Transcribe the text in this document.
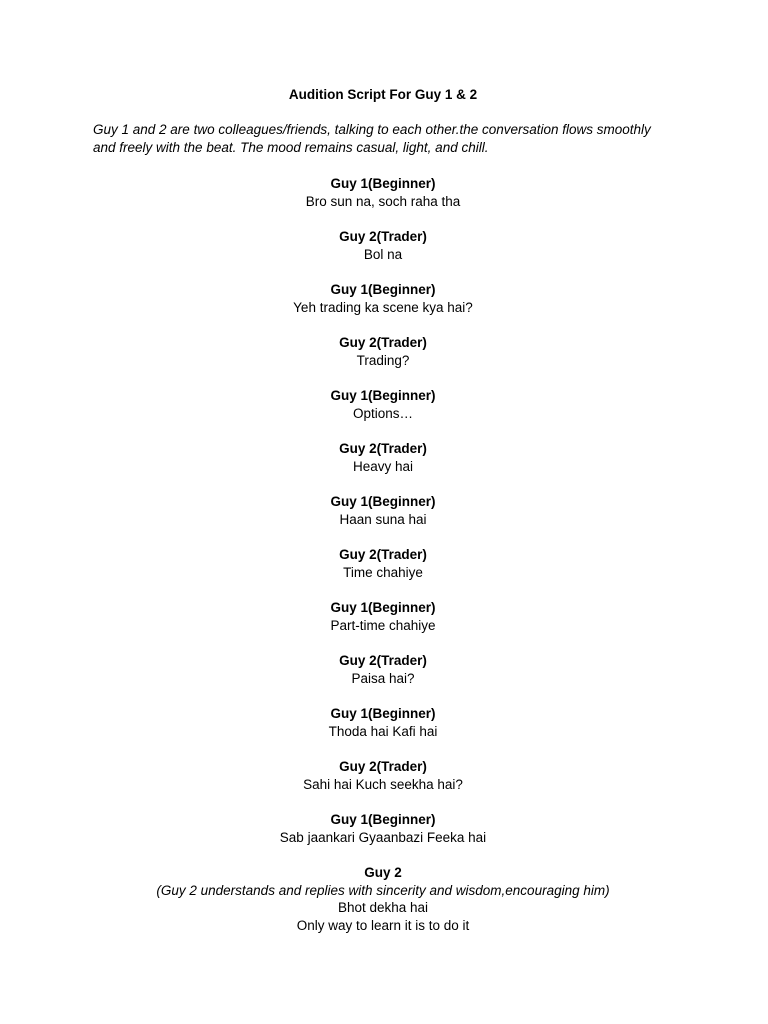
Audition Script For Guy 1 & 2
Guy 1 and 2 are two colleagues/friends, talking to each other.the conversation flows smoothly and freely with the beat. The mood remains casual, light, and chill.
Guy 1(Beginner)
Bro sun na, soch raha tha
Guy 2(Trader)
Bol na
Guy 1(Beginner)
Yeh trading ka scene kya hai?
Guy 2(Trader)
Trading?
Guy 1(Beginner)
Options…
Guy 2(Trader)
Heavy hai
Guy 1(Beginner)
Haan suna hai
Guy 2(Trader)
Time chahiye
Guy 1(Beginner)
Part-time chahiye
Guy 2(Trader)
Paisa hai?
Guy 1(Beginner)
Thoda hai Kafi hai
Guy 2(Trader)
Sahi hai Kuch seekha hai?
Guy 1(Beginner)
Sab jaankari Gyaanbazi Feeka hai
Guy 2
(Guy 2 understands and replies with sincerity and wisdom,encouraging him)
Bhot dekha hai
Only way to learn it is to do it
